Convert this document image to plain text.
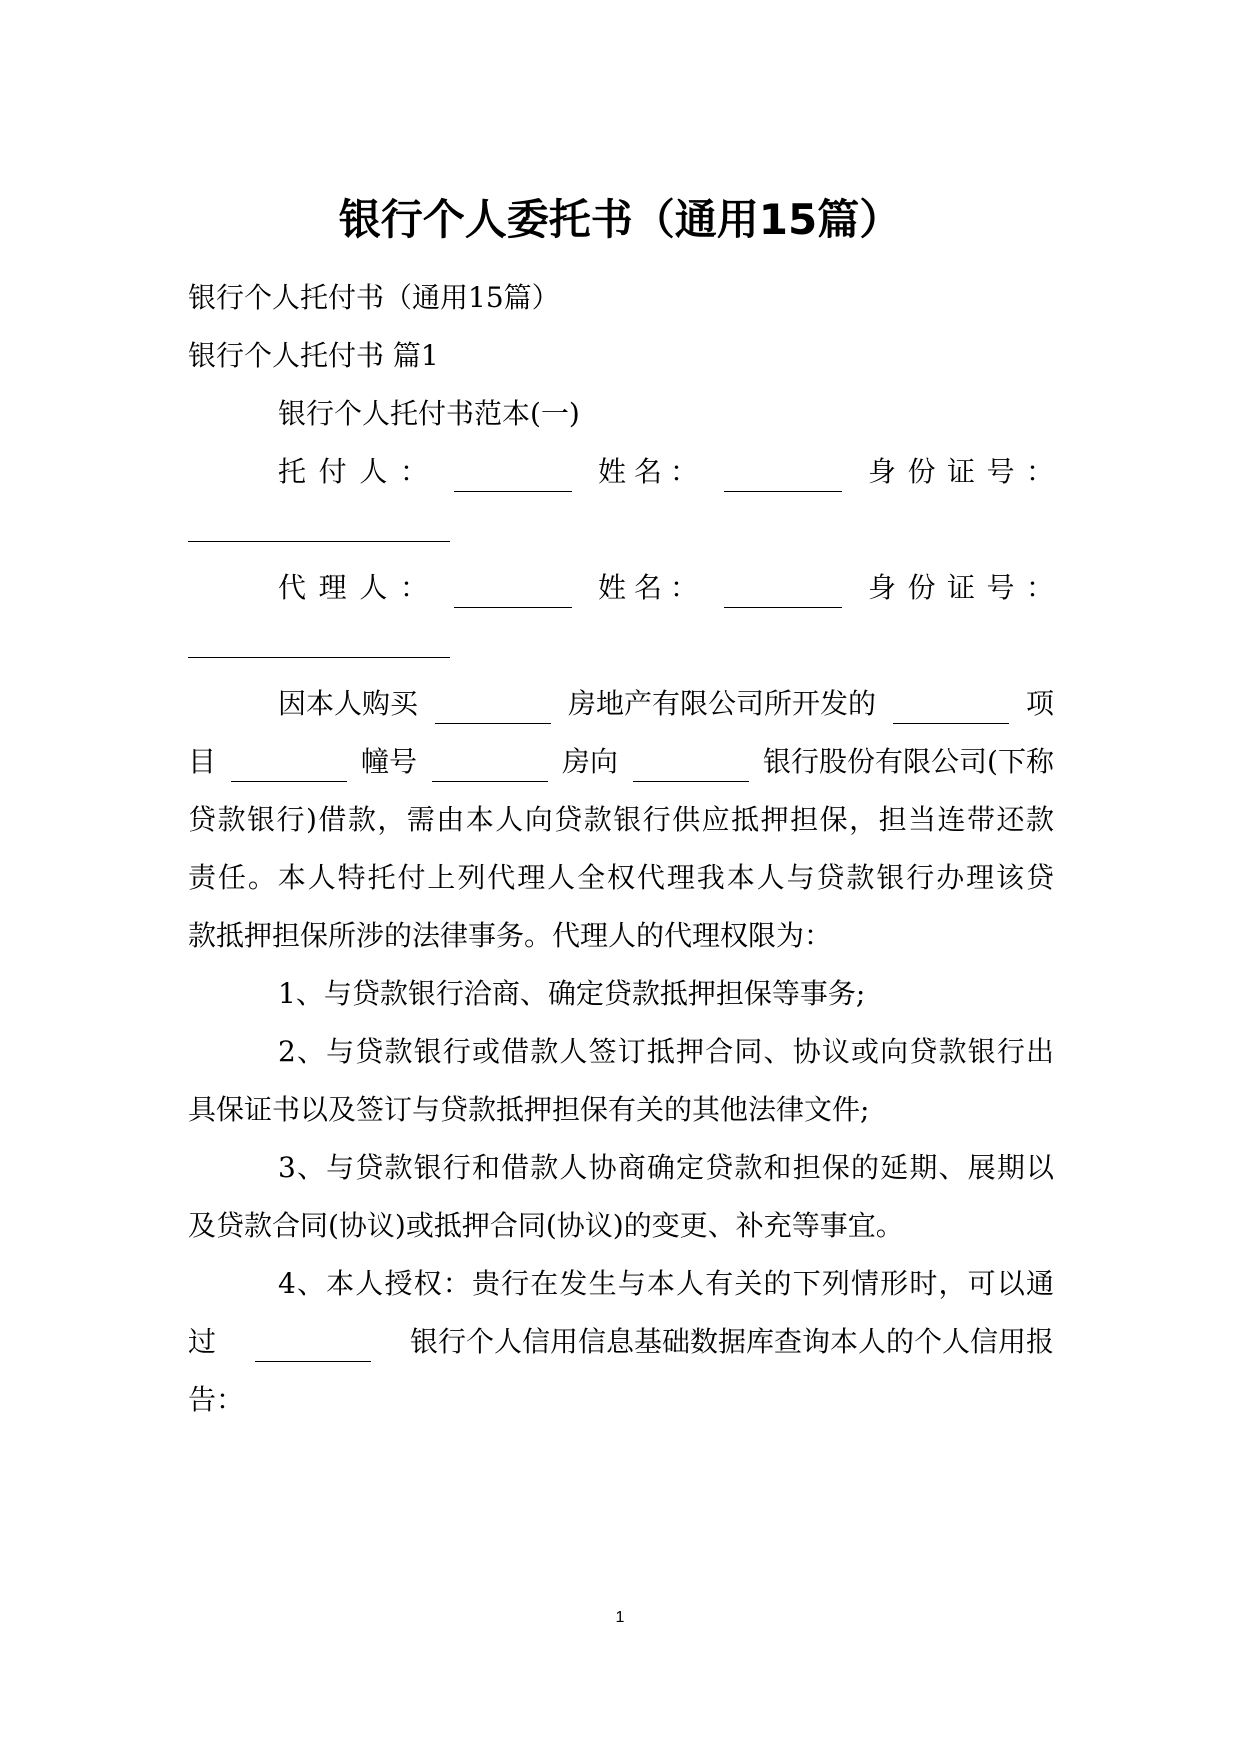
银行个人委托书（通用15篇）
银行个人托付书（通用15篇）
银行个人托付书 篇1
银行个人托付书范本(一)
托 付 人 ：	姓 名 ：	身 份 证 号 ：
代 理 人 ：	姓 名 ：	身 份 证 号 ：
因本人购买	房地产有限公司所开发的	项
目	幢号	房向	银行股份有限公司(下称
贷款银行)借款，需由本人向贷款银行供应抵押担保，担当连带还款
责任。本人特托付上列代理人全权代理我本人与贷款银行办理该贷
款抵押担保所涉的法律事务。代理人的代理权限为：
1、与贷款银行洽商、确定贷款抵押担保等事务;
2、与贷款银行或借款人签订抵押合同、协议或向贷款银行出
具保证书以及签订与贷款抵押担保有关的其他法律文件;
3、与贷款银行和借款人协商确定贷款和担保的延期、展期以
及贷款合同(协议)或抵押合同(协议)的变更、补充等事宜。
4、本人授权：贵行在发生与本人有关的下列情形时，可以通
过	银行个人信用信息基础数据库查询本人的个人信用报
告：
1
